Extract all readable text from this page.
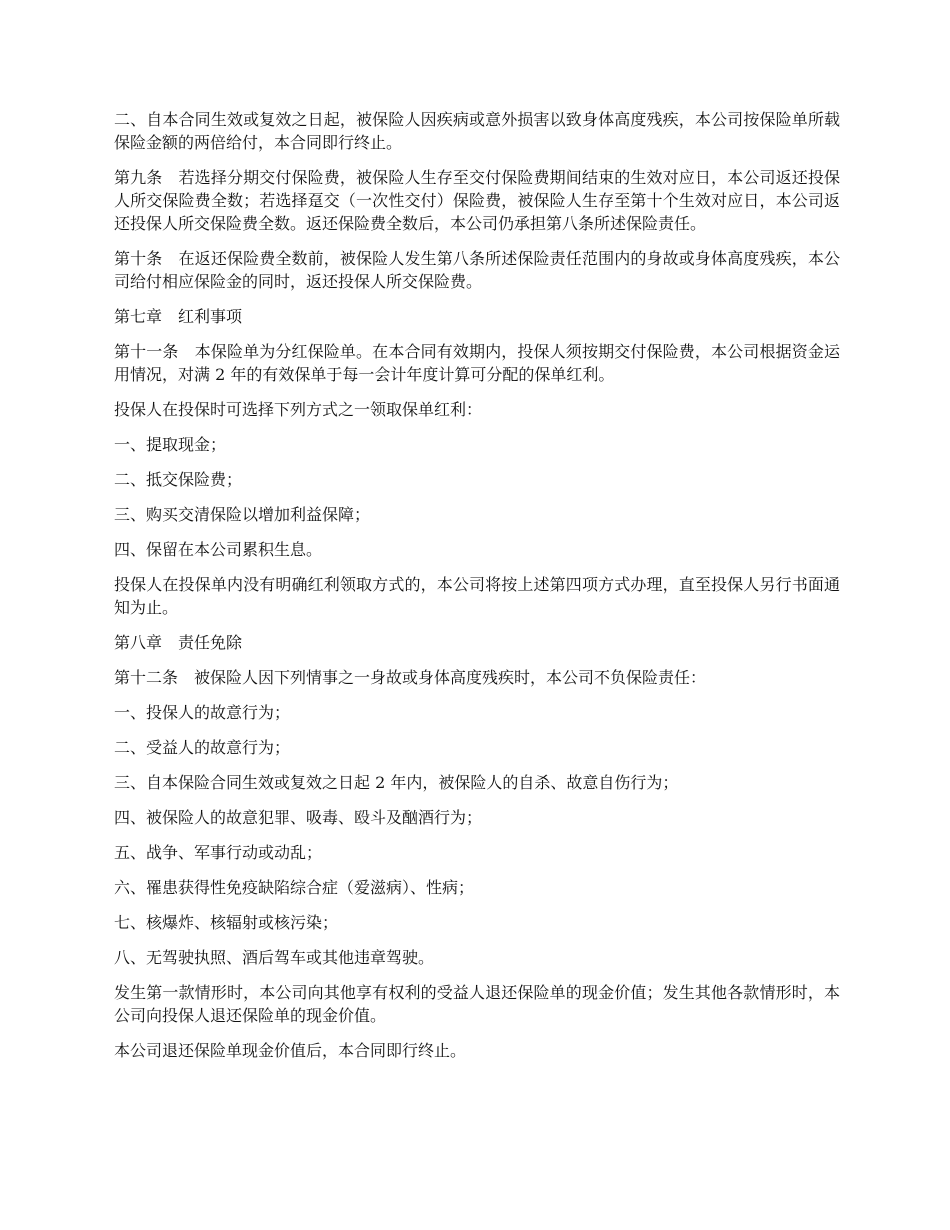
二、自本合同生效或复效之日起，被保险人因疾病或意外损害以致身体高度残疾，本公司按保险单所载保险金额的两倍给付，本合同即行终止。

第九条　若选择分期交付保险费，被保险人生存至交付保险费期间结束的生效对应日，本公司返还投保人所交保险费全数；若选择趸交（一次性交付）保险费，被保险人生存至第十个生效对应日，本公司返还投保人所交保险费全数。返还保险费全数后，本公司仍承担第八条所述保险责任。

第十条　在返还保险费全数前，被保险人发生第八条所述保险责任范围内的身故或身体高度残疾，本公司给付相应保险金的同时，返还投保人所交保险费。

第七章　红利事项

第十一条　本保险单为分红保险单。在本合同有效期内，投保人须按期交付保险费，本公司根据资金运用情况，对满 2 年的有效保单于每一会计年度计算可分配的保单红利。

投保人在投保时可选择下列方式之一领取保单红利：

一、提取现金；

二、抵交保险费；

三、购买交清保险以增加利益保障；

四、保留在本公司累积生息。

投保人在投保单内没有明确红利领取方式的，本公司将按上述第四项方式办理，直至投保人另行书面通知为止。

第八章　责任免除

第十二条　被保险人因下列情事之一身故或身体高度残疾时，本公司不负保险责任：

一、投保人的故意行为；

二、受益人的故意行为；

三、自本保险合同生效或复效之日起 2 年内，被保险人的自杀、故意自伤行为；

四、被保险人的故意犯罪、吸毒、殴斗及酗酒行为；

五、战争、军事行动或动乱；

六、罹患获得性免疫缺陷综合症（爱滋病）、性病；

七、核爆炸、核辐射或核污染；

八、无驾驶执照、酒后驾车或其他违章驾驶。

发生第一款情形时，本公司向其他享有权利的受益人退还保险单的现金价值；发生其他各款情形时，本公司向投保人退还保险单的现金价值。

本公司退还保险单现金价值后，本合同即行终止。
